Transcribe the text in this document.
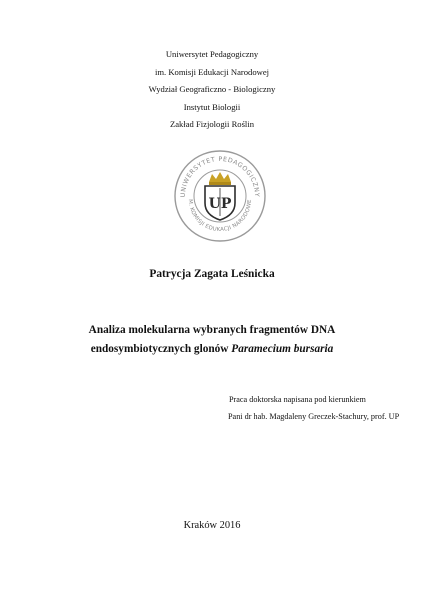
Uniwersytet Pedagogiczny
im. Komisji Edukacji Narodowej
Wydział Geograficzno - Biologiczny
Instytut Biologii
Zakład Fizjologii Roślin
UNIWERSYTET PEDAGOGICZNY
M. KOMISJI EDUKACJI NARODOWE
UP
Patrycja Zagata Leśnicka
Analiza molekularna wybranych fragmentów DNA
endosymbiotycznych glonów Paramecium bursaria
Praca doktorska napisana pod kierunkiem
Pani dr hab. Magdaleny Greczek-Stachury, prof. UP
Kraków 2016
